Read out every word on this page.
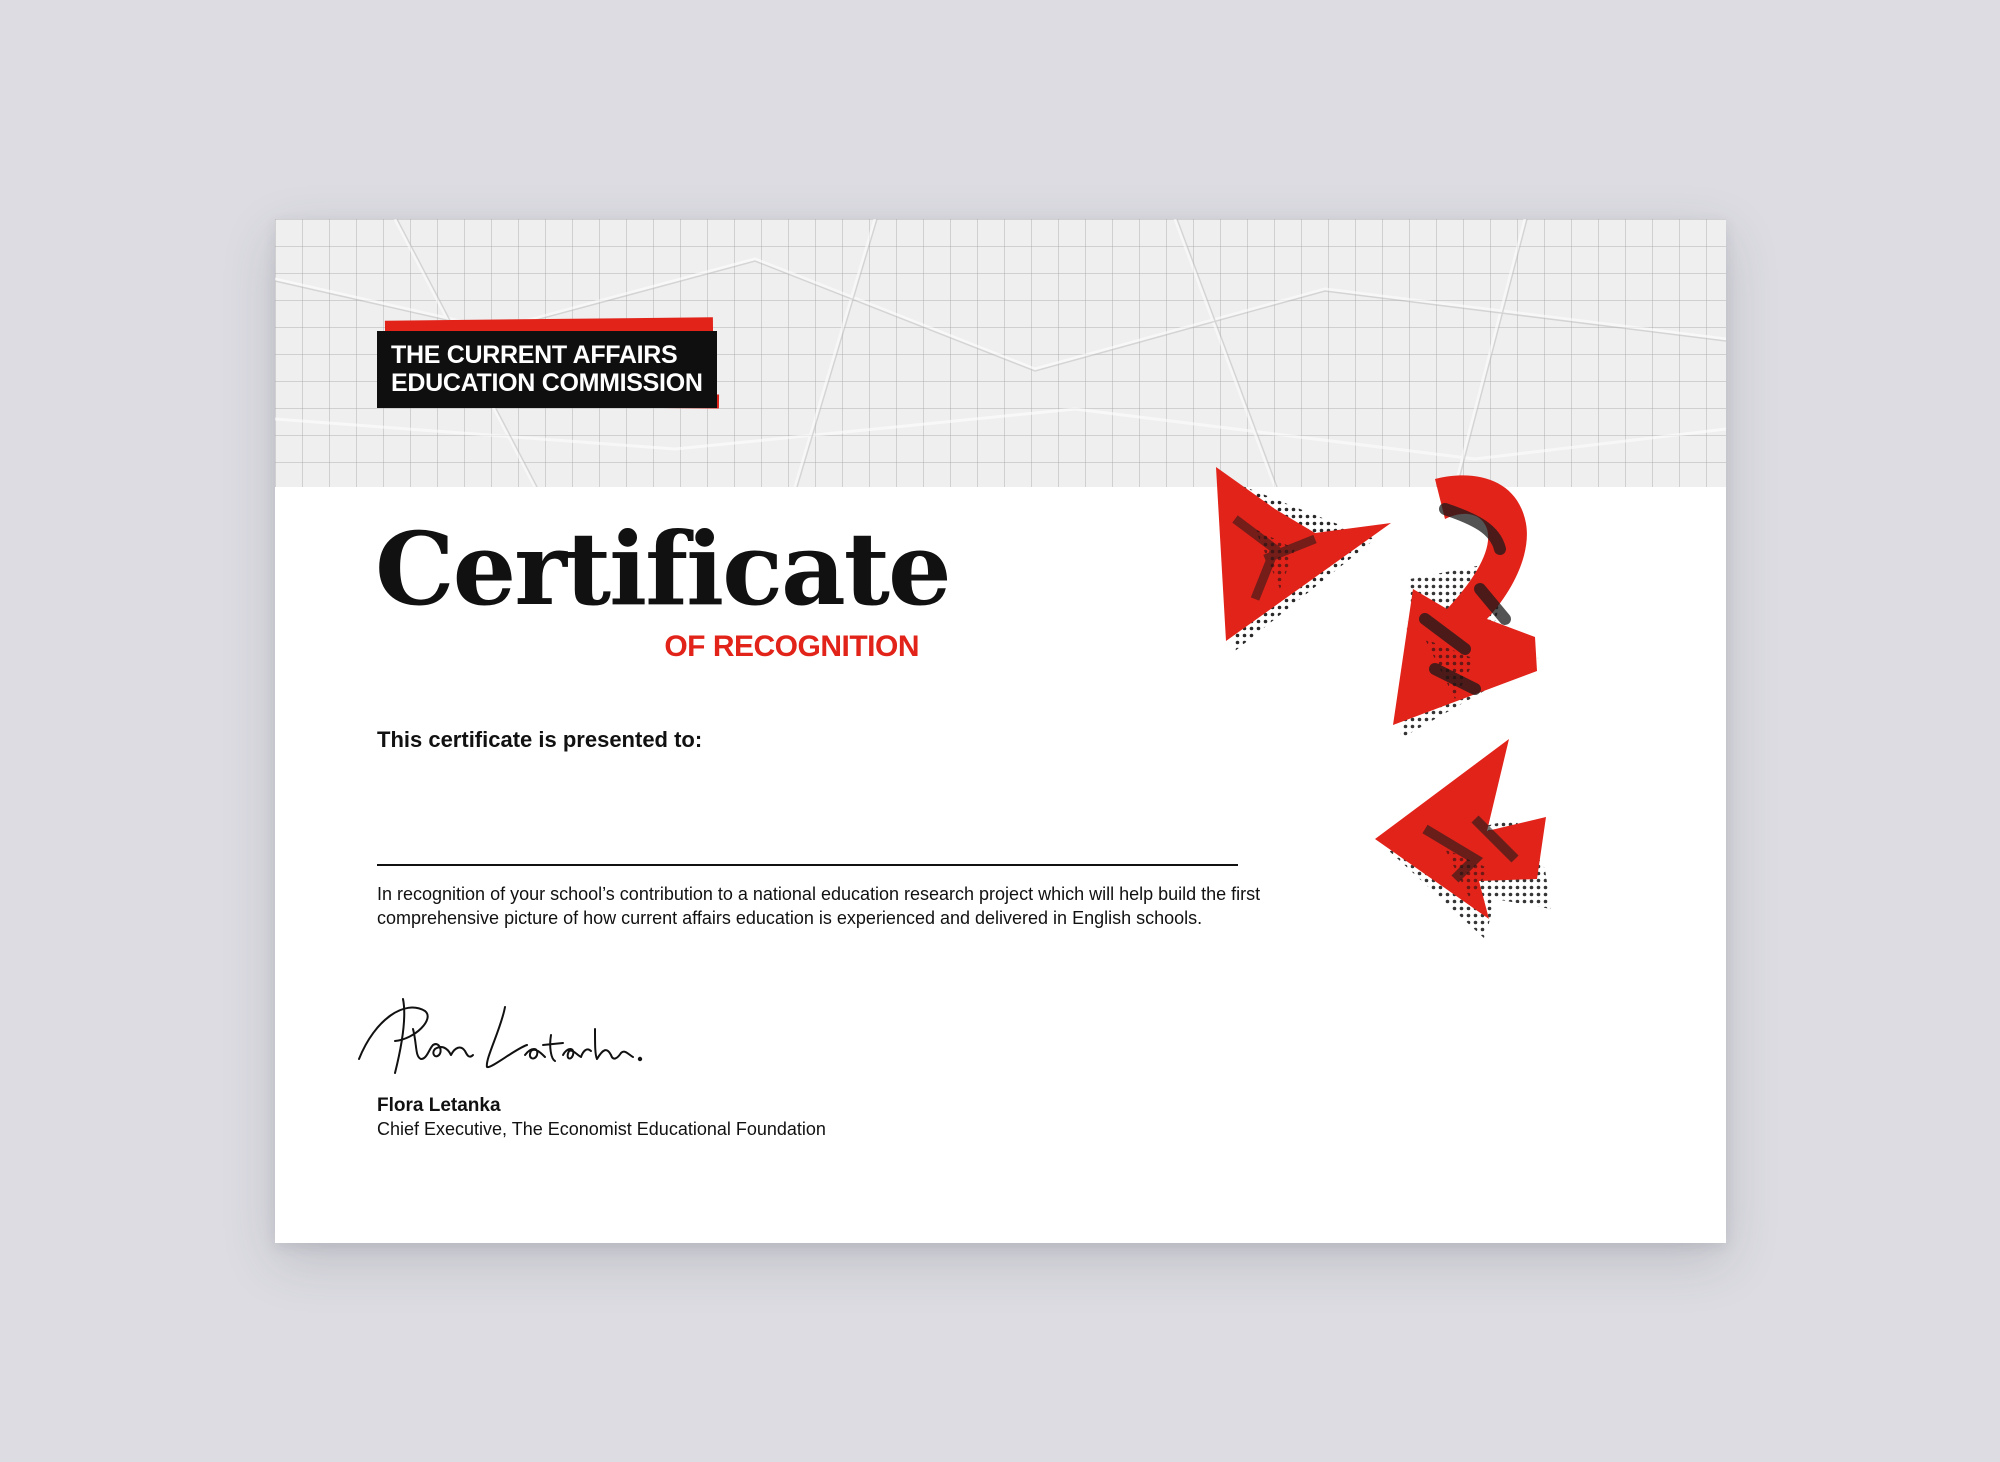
THE CURRENT AFFAIRS
EDUCATION COMMISSION
Certificate
OF RECOGNITION
This certificate is presented to:
In recognition of your school’s contribution to a national education research project which will help build the first comprehensive picture of how current affairs education is experienced and delivered in English schools.
Flora Letanka
Chief Executive, The Economist Educational Foundation
